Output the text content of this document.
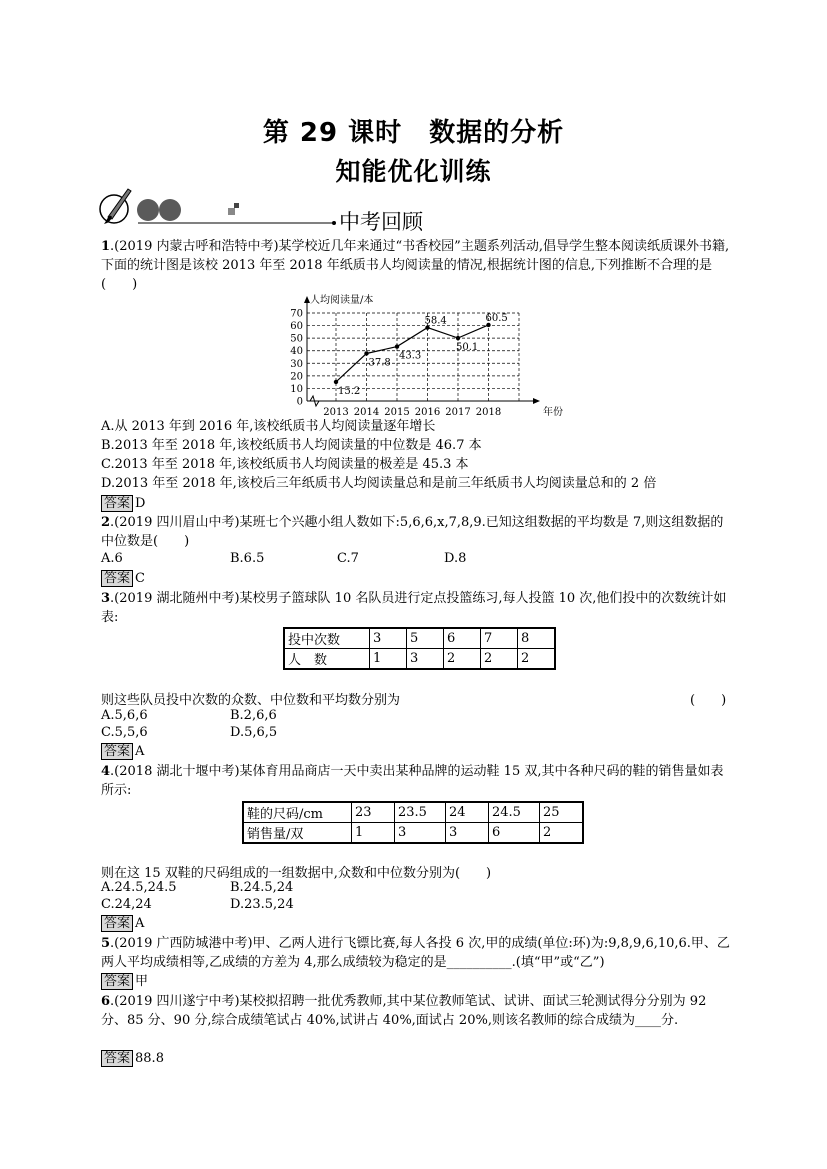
第 29 课时　数据的分析
知能优化训练
中考回顾
1.(2019 内蒙古呼和浩特中考)某学校近几年来通过“书香校园”主题系列活动,倡导学生整本阅读纸质课外书籍,下面的统计图是该校 2013 年至 2018 年纸质书人均阅读量的情况,根据统计图的信息,下列推断不合理的是(　　)
0
10
20
30
40
50
60
70
2013 2014 2015 2016 2017 2018
人均阅读量/本
年份
15.2
37.8
43.3
58.4
50.1
60.5
A.从 2013 年到 2016 年,该校纸质书人均阅读量逐年增长
B.2013 年至 2018 年,该校纸质书人均阅读量的中位数是 46.7 本
C.2013 年至 2018 年,该校纸质书人均阅读量的极差是 45.3 本
D.2013 年至 2018 年,该校后三年纸质书人均阅读量总和是前三年纸质书人均阅读量总和的 2 倍
答案 D
2.(2019 四川眉山中考)某班七个兴趣小组人数如下:5,6,6,x,7,8,9.已知这组数据的平均数是 7,则这组数据的中位数是(　　)
A.6	B.6.5	C.7	D.8
答案 C
3.(2019 湖北随州中考)某校男子篮球队 10 名队员进行定点投篮练习,每人投篮 10 次,他们投中的次数统计如表:
投中次数	3	5	6	7	8
人　数	1	3	2	2	2
则这些队员投中次数的众数、中位数和平均数分别为	(　　)
A.5,6,6	B.2,6,6
C.5,5,6	D.5,6,5
答案 A
4.(2018 湖北十堰中考)某体育用品商店一天中卖出某种品牌的运动鞋 15 双,其中各种尺码的鞋的销售量如表所示:
鞋的尺码/cm	23	23.5	24	24.5	25
销售量/双	1	3	3	6	2
则在这 15 双鞋的尺码组成的一组数据中,众数和中位数分别为(　　)
A.24.5,24.5	B.24.5,24
C.24,24	D.23.5,24
答案 A
5.(2019 广西防城港中考)甲、乙两人进行飞镖比赛,每人各投 6 次,甲的成绩(单位:环)为:9,8,9,6,10,6.甲、乙两人平均成绩相等,乙成绩的方差为 4,那么成绩较为稳定的是__________.(填“甲”或“乙”)
答案 甲
6.(2019 四川遂宁中考)某校拟招聘一批优秀教师,其中某位教师笔试、试讲、面试三轮测试得分分别为 92 分、85 分、90 分,综合成绩笔试占 40%,试讲占 40%,面试占 20%,则该名教师的综合成绩为____分.
答案 88.8
